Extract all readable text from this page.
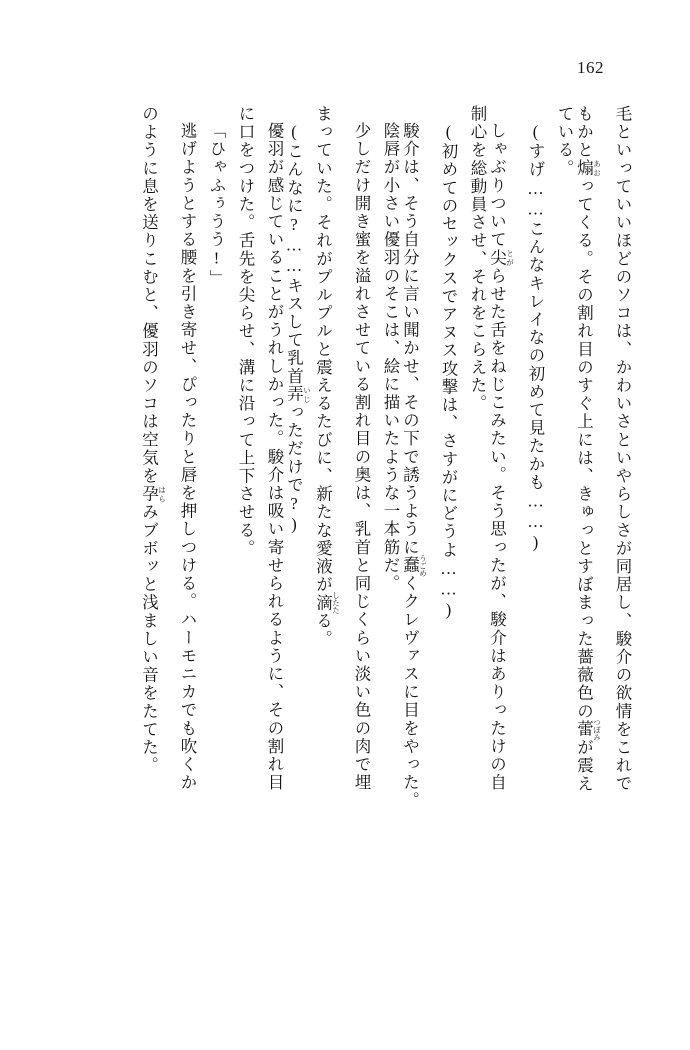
162
毛といっていいほどのソコは、かわいさといやらしさが同居し、駿介の欲情をこれで
もかと煽 あおってくる。その割れ目のすぐ上には、きゅっとすぼまった薔薇色の蕾 つぼみが震え
ている。
(すげ……こんなキレイなの初めて見たかも……)
しゃぶりついて尖 とがらせた舌をねじこみたい。そう思ったが、駿介はありったけの自
制心を総動員させ、それをこらえた。
(初めてのセックスでアヌス攻撃は、さすがにどうよ……)
駿介は、そう自分に言い聞かせ、その下で誘うように蠢 うごめくクレヴァスに目をやった。
陰唇が小さい優羽のそこは、絵に描いたような一本筋だ。
少しだけ開き蜜を溢れさせている割れ目の奥は、乳首と同じくらい淡い色の肉で埋
まっていた。それがプルプルと震えるたびに、新たな愛液が滴 したたる。
(こんなに?……キスして乳首弄 いじっただけで?)
優羽が感じていることがうれしかった。駿介は吸い寄せられるように、その割れ目
に口をつけた。舌先を尖らせ、溝に沿って上下させる。
「ひゃふぅうう!」
逃げようとする腰を引き寄せ、ぴったりと唇を押しつける。ハーモニカでも吹くか
のように息を送りこむと、優羽のソコは空気を孕 はらみブボッと浅ましい音をたてた。
